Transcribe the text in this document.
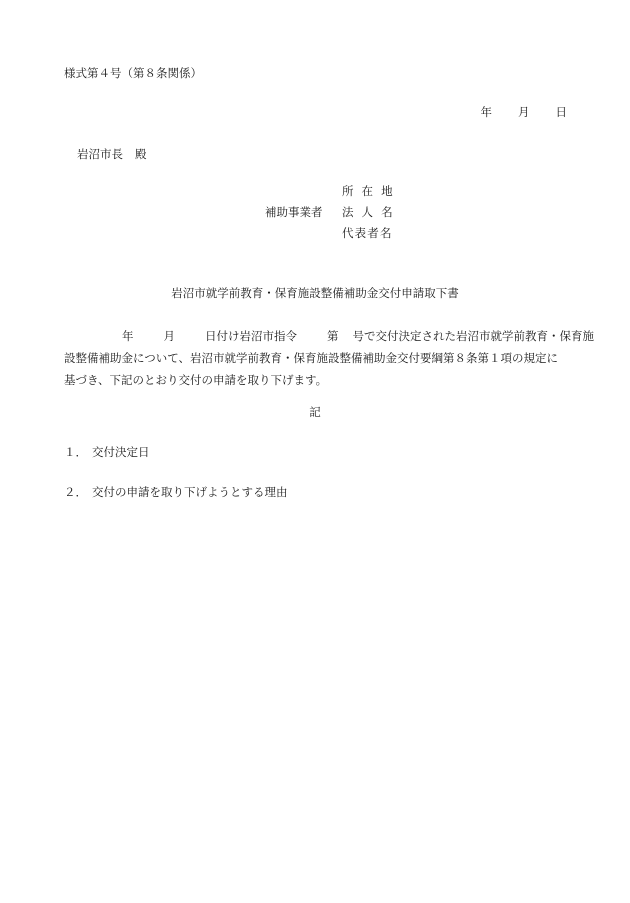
様式第４号（第８条関係）
年 月 日
岩沼市長 殿
補助事業者
所在地
法人名
代表者名
岩沼市就学前教育・保育施設整備補助金交付申請取下書
年	月	日付け岩沼市指令	第 号で交付決定された岩沼市就学前教育・保育施
設整備補助金について、岩沼市就学前教育・保育施設整備補助金交付要綱第８条第１項の規定に
基づき、下記のとおり交付の申請を取り下げます。
記
１． 交付決定日
２． 交付の申請を取り下げようとする理由
